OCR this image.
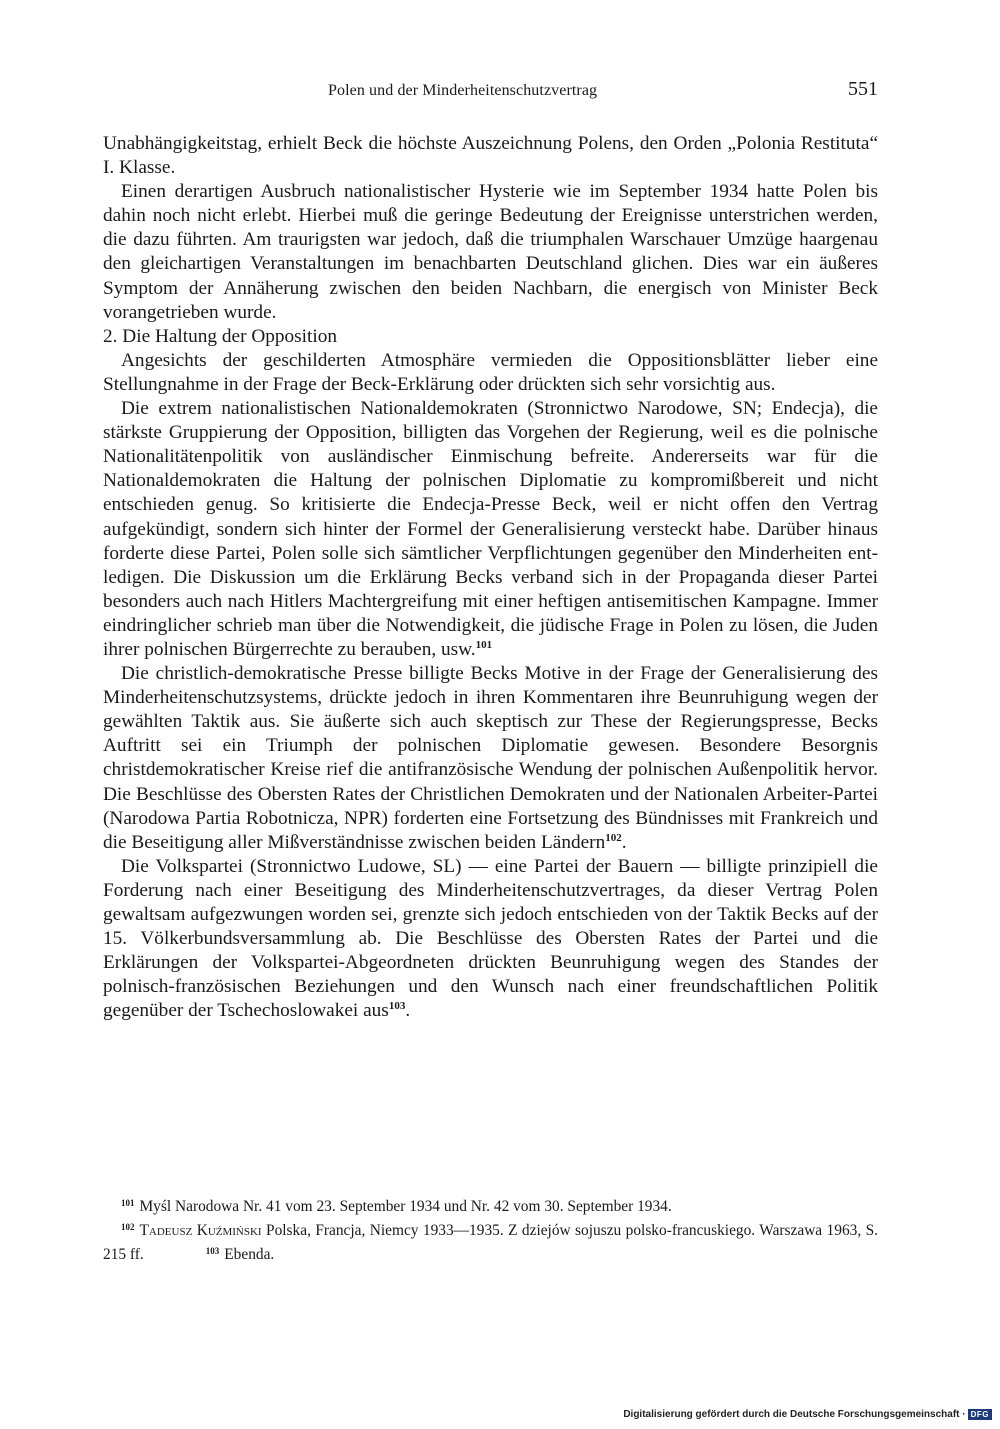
Polen und der Minderheitenschutzvertrag	551

Unabhängigkeitstag, erhielt Beck die höchste Auszeichnung Polens, den Orden „Polonia Restituta“ I. Klasse.

Einen derartigen Ausbruch nationalistischer Hysterie wie im September 1934 hatte Polen bis dahin noch nicht erlebt. Hierbei muß die geringe Bedeutung der Ereignisse unterstrichen werden, die dazu führten. Am traurigsten war jedoch, daß die triumphalen Warschauer Umzüge haargenau den gleichartigen Veranstaltungen im benachbarten Deutschland glichen. Dies war ein äußeres Symptom der Annäherung zwischen den beiden Nachbarn, die energisch von Minister Beck vorangetrieben wurde.

2. Die Haltung der Opposition

Angesichts der geschilderten Atmosphäre vermieden die Oppositionsblätter lieber eine Stellungnahme in der Frage der Beck-Erklärung oder drückten sich sehr vorsichtig aus.

Die extrem nationalistischen Nationaldemokraten (Stronnictwo Narodowe, SN; Endecja), die stärkste Gruppierung der Opposition, billigten das Vorgehen der Regierung, weil es die polnische Nationalitätenpolitik von ausländischer Einmischung befreite. Andererseits war für die Nationaldemokraten die Haltung der polnischen Diplomatie zu kompromißbereit und nicht entschieden genug. So kritisierte die Endecja-Presse Beck, weil er nicht offen den Vertrag aufgekündigt, sondern sich hinter der Formel der Generalisierung versteckt habe. Darüber hinaus forderte diese Partei, Polen solle sich sämtlicher Verpflichtungen gegenüber den Minderheiten entledigen. Die Diskussion um die Erklärung Becks verband sich in der Propaganda dieser Partei besonders auch nach Hitlers Machtergreifung mit einer heftigen antisemitischen Kampagne. Immer eindringlicher schrieb man über die Notwendigkeit, die jüdische Frage in Polen zu lösen, die Juden ihrer polnischen Bürgerrechte zu berauben, usw.$^{101}$

Die christlich-demokratische Presse billigte Becks Motive in der Frage der Generalisierung des Minderheitenschutzsystems, drückte jedoch in ihren Kommentaren ihre Beunruhigung wegen der gewählten Taktik aus. Sie äußerte sich auch skeptisch zur These der Regierungspresse, Becks Auftritt sei ein Triumph der polnischen Diplomatie gewesen. Besondere Besorgnis christdemokratischer Kreise rief die antifranzösische Wendung der polnischen Außenpolitik hervor. Die Beschlüsse des Obersten Rates der Christlichen Demokraten und der Nationalen Arbeiter-Partei (Narodowa Partia Robotnicza, NPR) forderten eine Fortsetzung des Bündnisses mit Frankreich und die Beseitigung aller Mißverständnisse zwischen beiden Ländern$^{102}$.

Die Volkspartei (Stronnictwo Ludowe, SL) — eine Partei der Bauern — billigte prinzipiell die Forderung nach einer Beseitigung des Minderheitenschutzvertrages, da dieser Vertrag Polen gewaltsam aufgezwungen worden sei, grenzte sich jedoch entschieden von der Taktik Becks auf der 15. Völkerbundsversammlung ab. Die Beschlüsse des Obersten Rates der Partei und die Erklärungen der Volkspartei-Abgeordneten drückten Beunruhigung wegen des Standes der polnisch-französischen Beziehungen und den Wunsch nach einer freundschaftlichen Politik gegenüber der Tschechoslowakei aus$^{103}$.

$^{101}$ Myśl Narodowa Nr. 41 vom 23. September 1934 und Nr. 42 vom 30. September 1934.

$^{102}$ Tadeusz Kuźmiński Polska, Francja, Niemcy 1933—1935. Z dziejów sojuszu polsko-francuskiego. Warszawa 1963, S. 215 ff.	$^{103}$ Ebenda.

Digitalisierung gefördert durch die Deutsche Forschungsgemeinschaft · DFG
